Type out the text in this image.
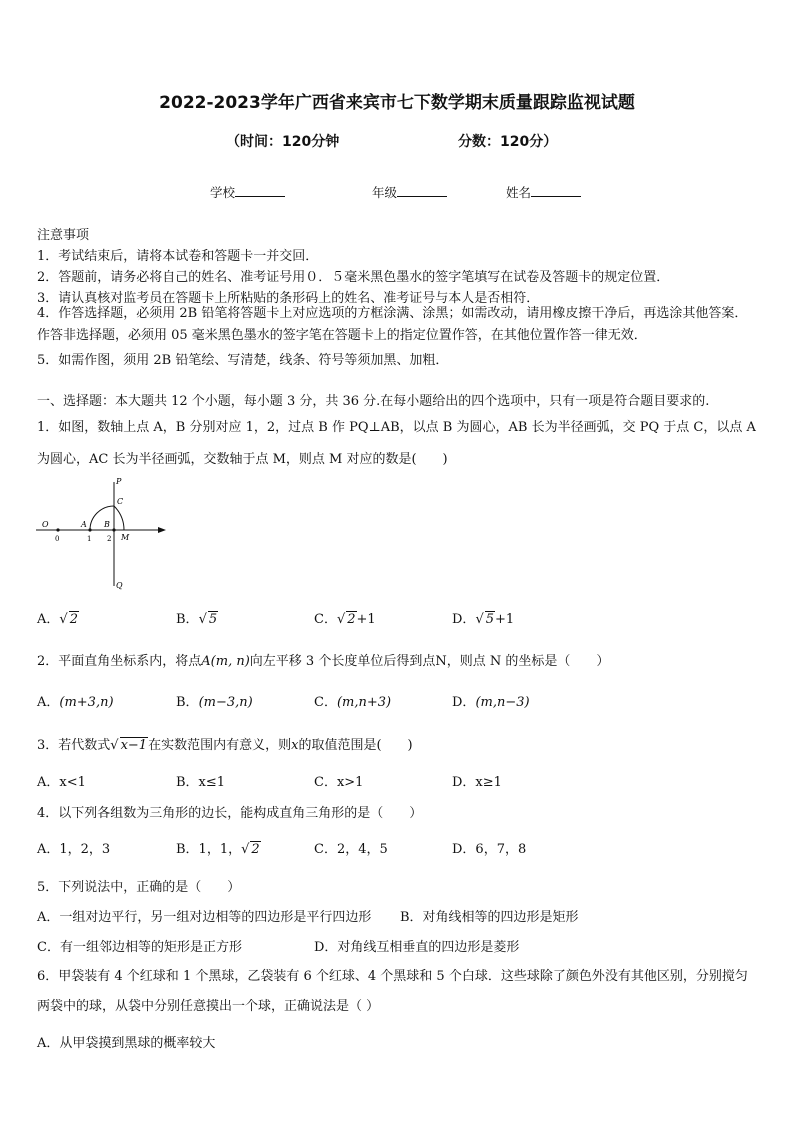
2022-2023学年广西省来宾市七下数学期末质量跟踪监视试题
（时间：120分钟	分数：120分）
学校	年级	姓名
注意事项
1．考试结束后，请将本试卷和答题卡一并交回．
2．答题前，请务必将自己的姓名、准考证号用０．５毫米黑色墨水的签字笔填写在试卷及答题卡的规定位置．
3．请认真核对监考员在答题卡上所粘贴的条形码上的姓名、准考证号与本人是否相符．
4．作答选择题，必须用 2B 铅笔将答题卡上对应选项的方框涂满、涂黑；如需改动，请用橡皮擦干净后，再选涂其他答案．作答非选择题，必须用 05 毫米黑色墨水的签字笔在答题卡上的指定位置作答，在其他位置作答一律无效．
5．如需作图，须用 2B 铅笔绘、写清楚，线条、符号等须加黑、加粗．
一、选择题：本大题共 12 个小题，每小题 3 分，共 36 分.在每小题给出的四个选项中，只有一项是符合题目要求的.
1．如图，数轴上点 A，B 分别对应 1，2，过点 B 作 PQ⊥AB，以点 B 为圆心，AB 长为半径画弧，交 PQ 于点 C，以点 A 为圆心，AC 长为半径画弧，交数轴于点 M，则点 M 对应的数是(　　)
P
C
Q
O	A B
M
0	1 2
A．√ 2	B．√ 5	C．√ 2+1	D．√ 5+1
2．平面直角坐标系内，将点A(m, n)向左平移 3 个长度单位后得到点N，则点 N 的坐标是（　　）
A．(m+3,n)	B．(m−3,n)	C．(m,n+3)	D．(m,n−3)
3．若代数式√ x−1在实数范围内有意义，则x的取值范围是(　　)
A．x<1	B．x≤1	C．x>1	D．x≥1
4．以下列各组数为三角形的边长，能构成直角三角形的是（　　）
A．1，2，3	B．1，1，√ 2	C．2，4，5	D．6，7，8
5．下列说法中，正确的是（　　）
A．一组对边平行，另一组对边相等的四边形是平行四边形 B．对角线相等的四边形是矩形
C．有一组邻边相等的矩形是正方形	D．对角线互相垂直的四边形是菱形
6．甲袋装有 4 个红球和 1 个黑球，乙袋装有 6 个红球、4 个黑球和 5 个白球．这些球除了颜色外没有其他区别，分别搅匀两袋中的球，从袋中分别任意摸出一个球，正确说法是（ ）
A．从甲袋摸到黑球的概率较大
